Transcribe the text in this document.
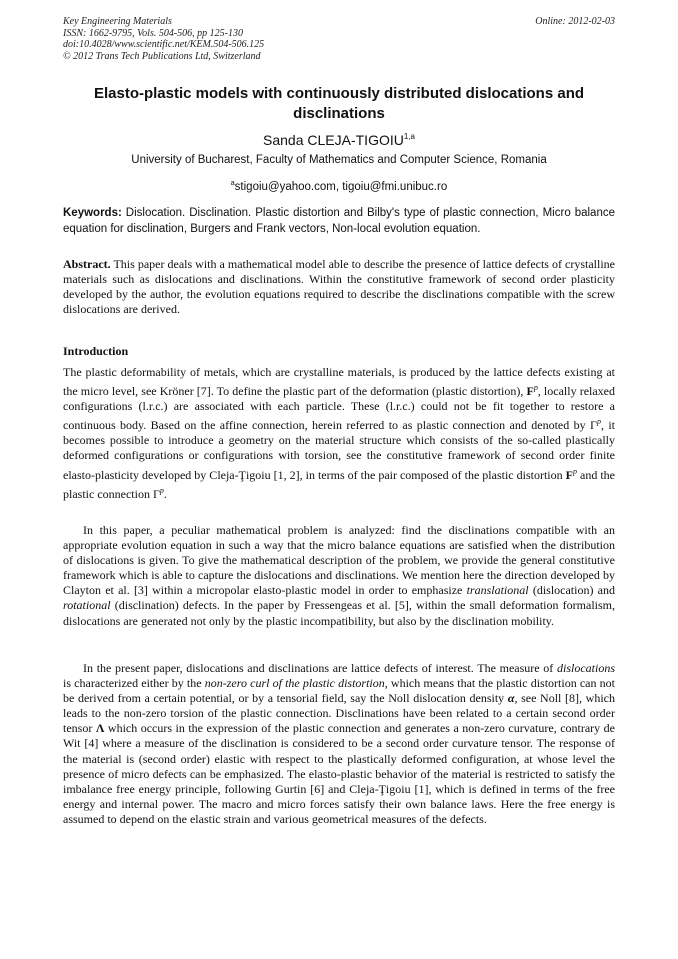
Key Engineering Materials
ISSN: 1662-9795, Vols. 504-506, pp 125-130
doi:10.4028/www.scientific.net/KEM.504-506.125
© 2012 Trans Tech Publications Ltd, Switzerland
Online: 2012-02-03
Elasto-plastic models with continuously distributed dislocations and disclinations
Sanda CLEJA-TIGOIU$^{1,a}$
University of Bucharest, Faculty of Mathematics and Computer Science, Romania
$^a$stigoiu@yahoo.com, tigoiu@fmi.unibuc.ro
Keywords: Dislocation. Disclination. Plastic distortion and Bilby's type of plastic connection, Micro balance equation for disclination, Burgers and Frank vectors, Non-local evolution equation.
Abstract. This paper deals with a mathematical model able to describe the presence of lattice defects of crystalline materials such as dislocations and disclinations. Within the constitutive framework of second order plasticity developed by the author, the evolution equations required to describe the disclinations compatible with the screw dislocations are derived.
Introduction
The plastic deformability of metals, which are crystalline materials, is produced by the lattice defects existing at the micro level, see Kröner [7]. To define the plastic part of the deformation (plastic distortion), $F^p$, locally relaxed configurations (l.r.c.) are associated with each particle. These (l.r.c.) could not be fit together to restore a continuous body. Based on the affine connection, herein referred to as plastic connection and denoted by $\Gamma^p$, it becomes possible to introduce a geometry on the material structure which consists of the so-called plastically deformed configurations or configurations with torsion, see the constitutive framework of second order finite elasto-plasticity developed by Cleja-Ţigoiu [1, 2], in terms of the pair composed of the plastic distortion $F^p$ and the plastic connection $\Gamma^p$.
In this paper, a peculiar mathematical problem is analyzed: find the disclinations compatible with an appropriate evolution equation in such a way that the micro balance equations are satisfied when the distribution of dislocations is given. To give the mathematical description of the problem, we provide the general constitutive framework which is able to capture the dislocations and disclinations. We mention here the direction developed by Clayton et al. [3] within a micropolar elasto-plastic model in order to emphasize translational (dislocation) and rotational (disclination) defects. In the paper by Fressengeas et al. [5], within the small deformation formalism, dislocations are generated not only by the plastic incompatibility, but also by the disclination mobility.
In the present paper, dislocations and disclinations are lattice defects of interest. The measure of dislocations is characterized either by the non-zero curl of the plastic distortion, which means that the plastic distortion can not be derived from a certain potential, or by a tensorial field, say the Noll dislocation density α, see Noll [8], which leads to the non-zero torsion of the plastic connection. Disclinations have been related to a certain second order tensor Λ which occurs in the expression of the plastic connection and generates a non-zero curvature, contrary de Wit [4] where a measure of the disclination is considered to be a second order curvature tensor. The response of the material is (second order) elastic with respect to the plastically deformed configuration, at whose level the presence of micro defects can be emphasized. The elasto-plastic behavior of the material is restricted to satisfy the imbalance free energy principle, following Gurtin [6] and Cleja-Ţigoiu [1], which is defined in terms of the free energy and internal power. The macro and micro forces satisfy their own balance laws. Here the free energy is assumed to depend on the elastic strain and various geometrical measures of the defects.
